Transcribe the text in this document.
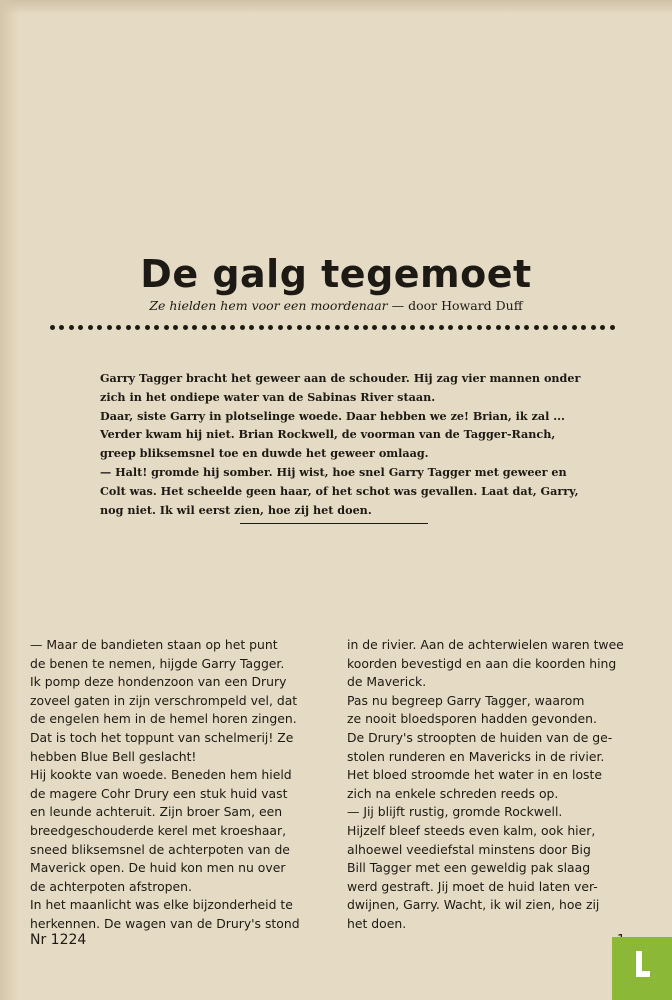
De galg tegemoet
Ze hielden hem voor een moordenaar — door Howard Duff

Garry Tagger bracht het geweer aan de schouder. Hij zag vier mannen onder

zich in het ondiepe water van de Sabinas River staan.

Daar, siste Garry in plotselinge woede. Daar hebben we ze! Brian, ik zal ...

Verder kwam hij niet. Brian Rockwell, de voorman van de Tagger-Ranch,

greep bliksemsnel toe en duwde het geweer omlaag.

— Halt! gromde hij somber. Hij wist, hoe snel Garry Tagger met geweer en

Colt was. Het scheelde geen haar, of het schot was gevallen. Laat dat, Garry,

nog niet. Ik wil eerst zien, hoe zij het doen.

— Maar de bandieten staan op het punt

de benen te nemen, hijgde Garry Tagger.

Ik pomp deze hondenzoon van een Drury

zoveel gaten in zijn verschrompeld vel, dat

de engelen hem in de hemel horen zingen.

Dat is toch het toppunt van schelmerij! Ze

hebben Blue Bell geslacht!

Hij kookte van woede. Beneden hem hield

de magere Cohr Drury een stuk huid vast

en leunde achteruit. Zijn broer Sam, een

breedgeschouderde kerel met kroeshaar,

sneed bliksemsnel de achterpoten van de

Maverick open. De huid kon men nu over

de achterpoten afstropen.

In het maanlicht was elke bijzonderheid te

herkennen. De wagen van de Drury's stond

in de rivier. Aan de achterwielen waren twee

koorden bevestigd en aan die koorden hing

de Maverick.

Pas nu begreep Garry Tagger, waarom

ze nooit bloedsporen hadden gevonden.

De Drury's stroopten de huiden van de ge-

stolen runderen en Mavericks in de rivier.

Het bloed stroomde het water in en loste

zich na enkele schreden reeds op.

— Jij blijft rustig, gromde Rockwell.

Hijzelf bleef steeds even kalm, ook hier,

alhoewel veediefstal minstens door Big

Bill Tagger met een geweldig pak slaag

werd gestraft. Jij moet de huid laten ver-

dwijnen, Garry. Wacht, ik wil zien, hoe zij

het doen.

Nr 1224
